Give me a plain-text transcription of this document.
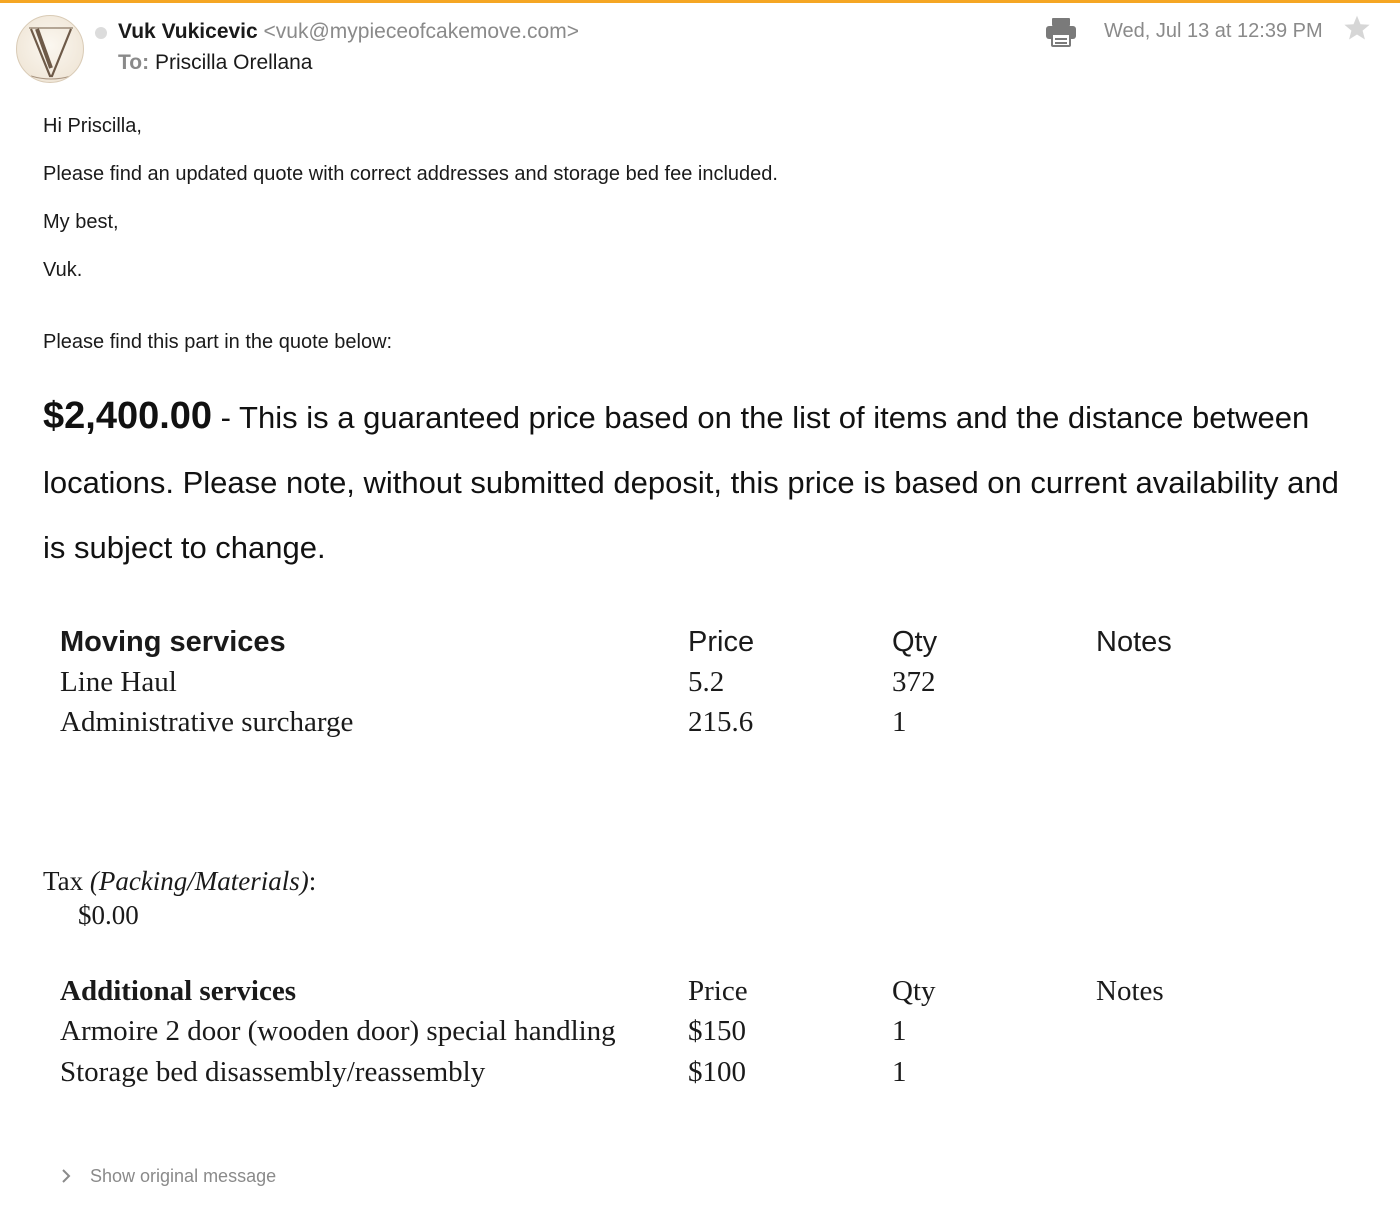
Vuk Vukicevic <vuk@mypieceofcakemove.com>
To: Priscilla Orellana
Wed, Jul 13 at 12:39 PM
Hi Priscilla,
Please find an updated quote with correct addresses and storage bed fee included.
My best,
Vuk.
Please find this part in the quote below:
$2,400.00 - This is a guaranteed price based on the list of items and the distance between locations. Please note, without submitted deposit, this price is based on current availability and is subject to change.
Moving services	Price	Qty	Notes
Line Haul	5.2	372
Administrative surcharge	215.6	1
Tax (Packing/Materials):
$0.00
Additional services	Price	Qty	Notes
Armoire 2 door (wooden door) special handling $150	1
Storage bed disassembly/reassembly	$100	1
Show original message
